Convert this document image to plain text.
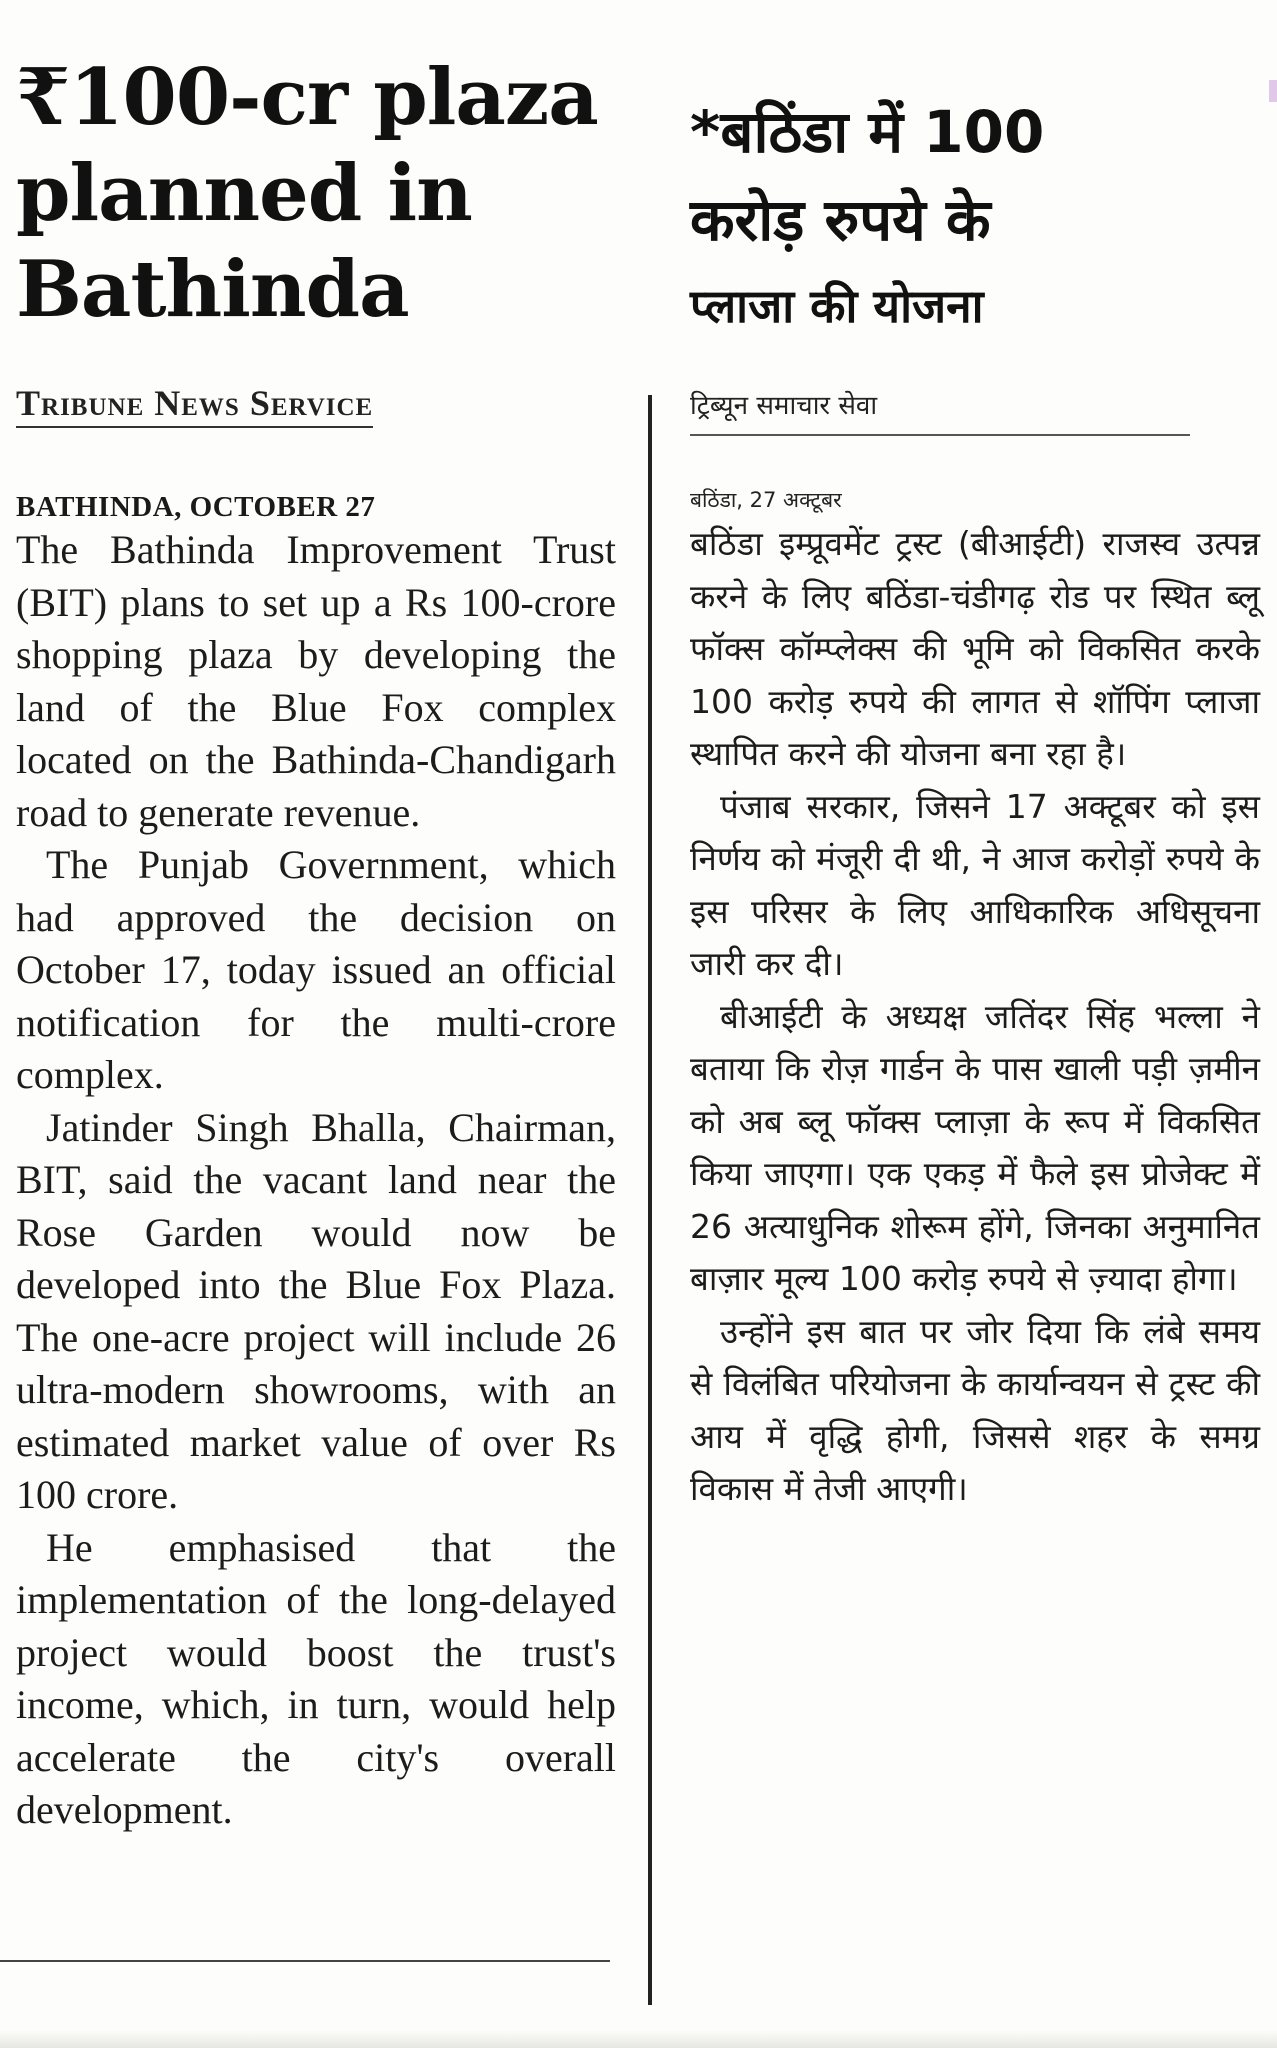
₹100-cr plaza
planned in
Bathinda
Tribune News Service
BATHINDA, OCTOBER 27

The Bathinda Improvement Trust (BIT) plans to set up a Rs 100-crore shopping plaza by developing the land of the Blue Fox complex located on the Bathinda-Chandigarh road to generate revenue.

The Punjab Government, which had approved the decision on October 17, today issued an official notification for the multi-crore complex.

Jatinder Singh Bhalla, Chairman, BIT, said the vacant land near the Rose Garden would now be developed into the Blue Fox Plaza. The one-acre project will include 26 ultra-modern showrooms, with an estimated market value of over Rs 100 crore.

He emphasised that the implementation of the long-delayed project would boost the trust's income, which, in turn, would help accelerate the city's overall development.

*बठिंडा में 100
करोड़ रुपये के
प्लाजा की योजना
ट्रिब्यून समाचार सेवा
बठिंडा, 27 अक्टूबर

बठिंडा इम्प्रूवमेंट ट्रस्ट (बीआईटी) राजस्व उत्पन्न करने के लिए बठिंडा-चंडीगढ़ रोड पर स्थित ब्लू फॉक्स कॉम्प्लेक्स की भूमि को विकसित करके 100 करोड़ रुपये की लागत से शॉपिंग प्लाजा स्थापित करने की योजना बना रहा है।

पंजाब सरकार, जिसने 17 अक्टूबर को इस निर्णय को मंजूरी दी थी, ने आज करोड़ों रुपये के इस परिसर के लिए आधिकारिक अधिसूचना जारी कर दी।

बीआईटी के अध्यक्ष जतिंदर सिंह भल्ला ने बताया कि रोज़ गार्डन के पास खाली पड़ी ज़मीन को अब ब्लू फॉक्स प्लाज़ा के रूप में विकसित किया जाएगा। एक एकड़ में फैले इस प्रोजेक्ट में 26 अत्याधुनिक शोरूम होंगे, जिनका अनुमानित बाज़ार मूल्य 100 करोड़ रुपये से ज़्यादा होगा।

उन्होंने इस बात पर जोर दिया कि लंबे समय से विलंबित परियोजना के कार्यान्वयन से ट्रस्ट की आय में वृद्धि होगी, जिससे शहर के समग्र विकास में तेजी आएगी।
